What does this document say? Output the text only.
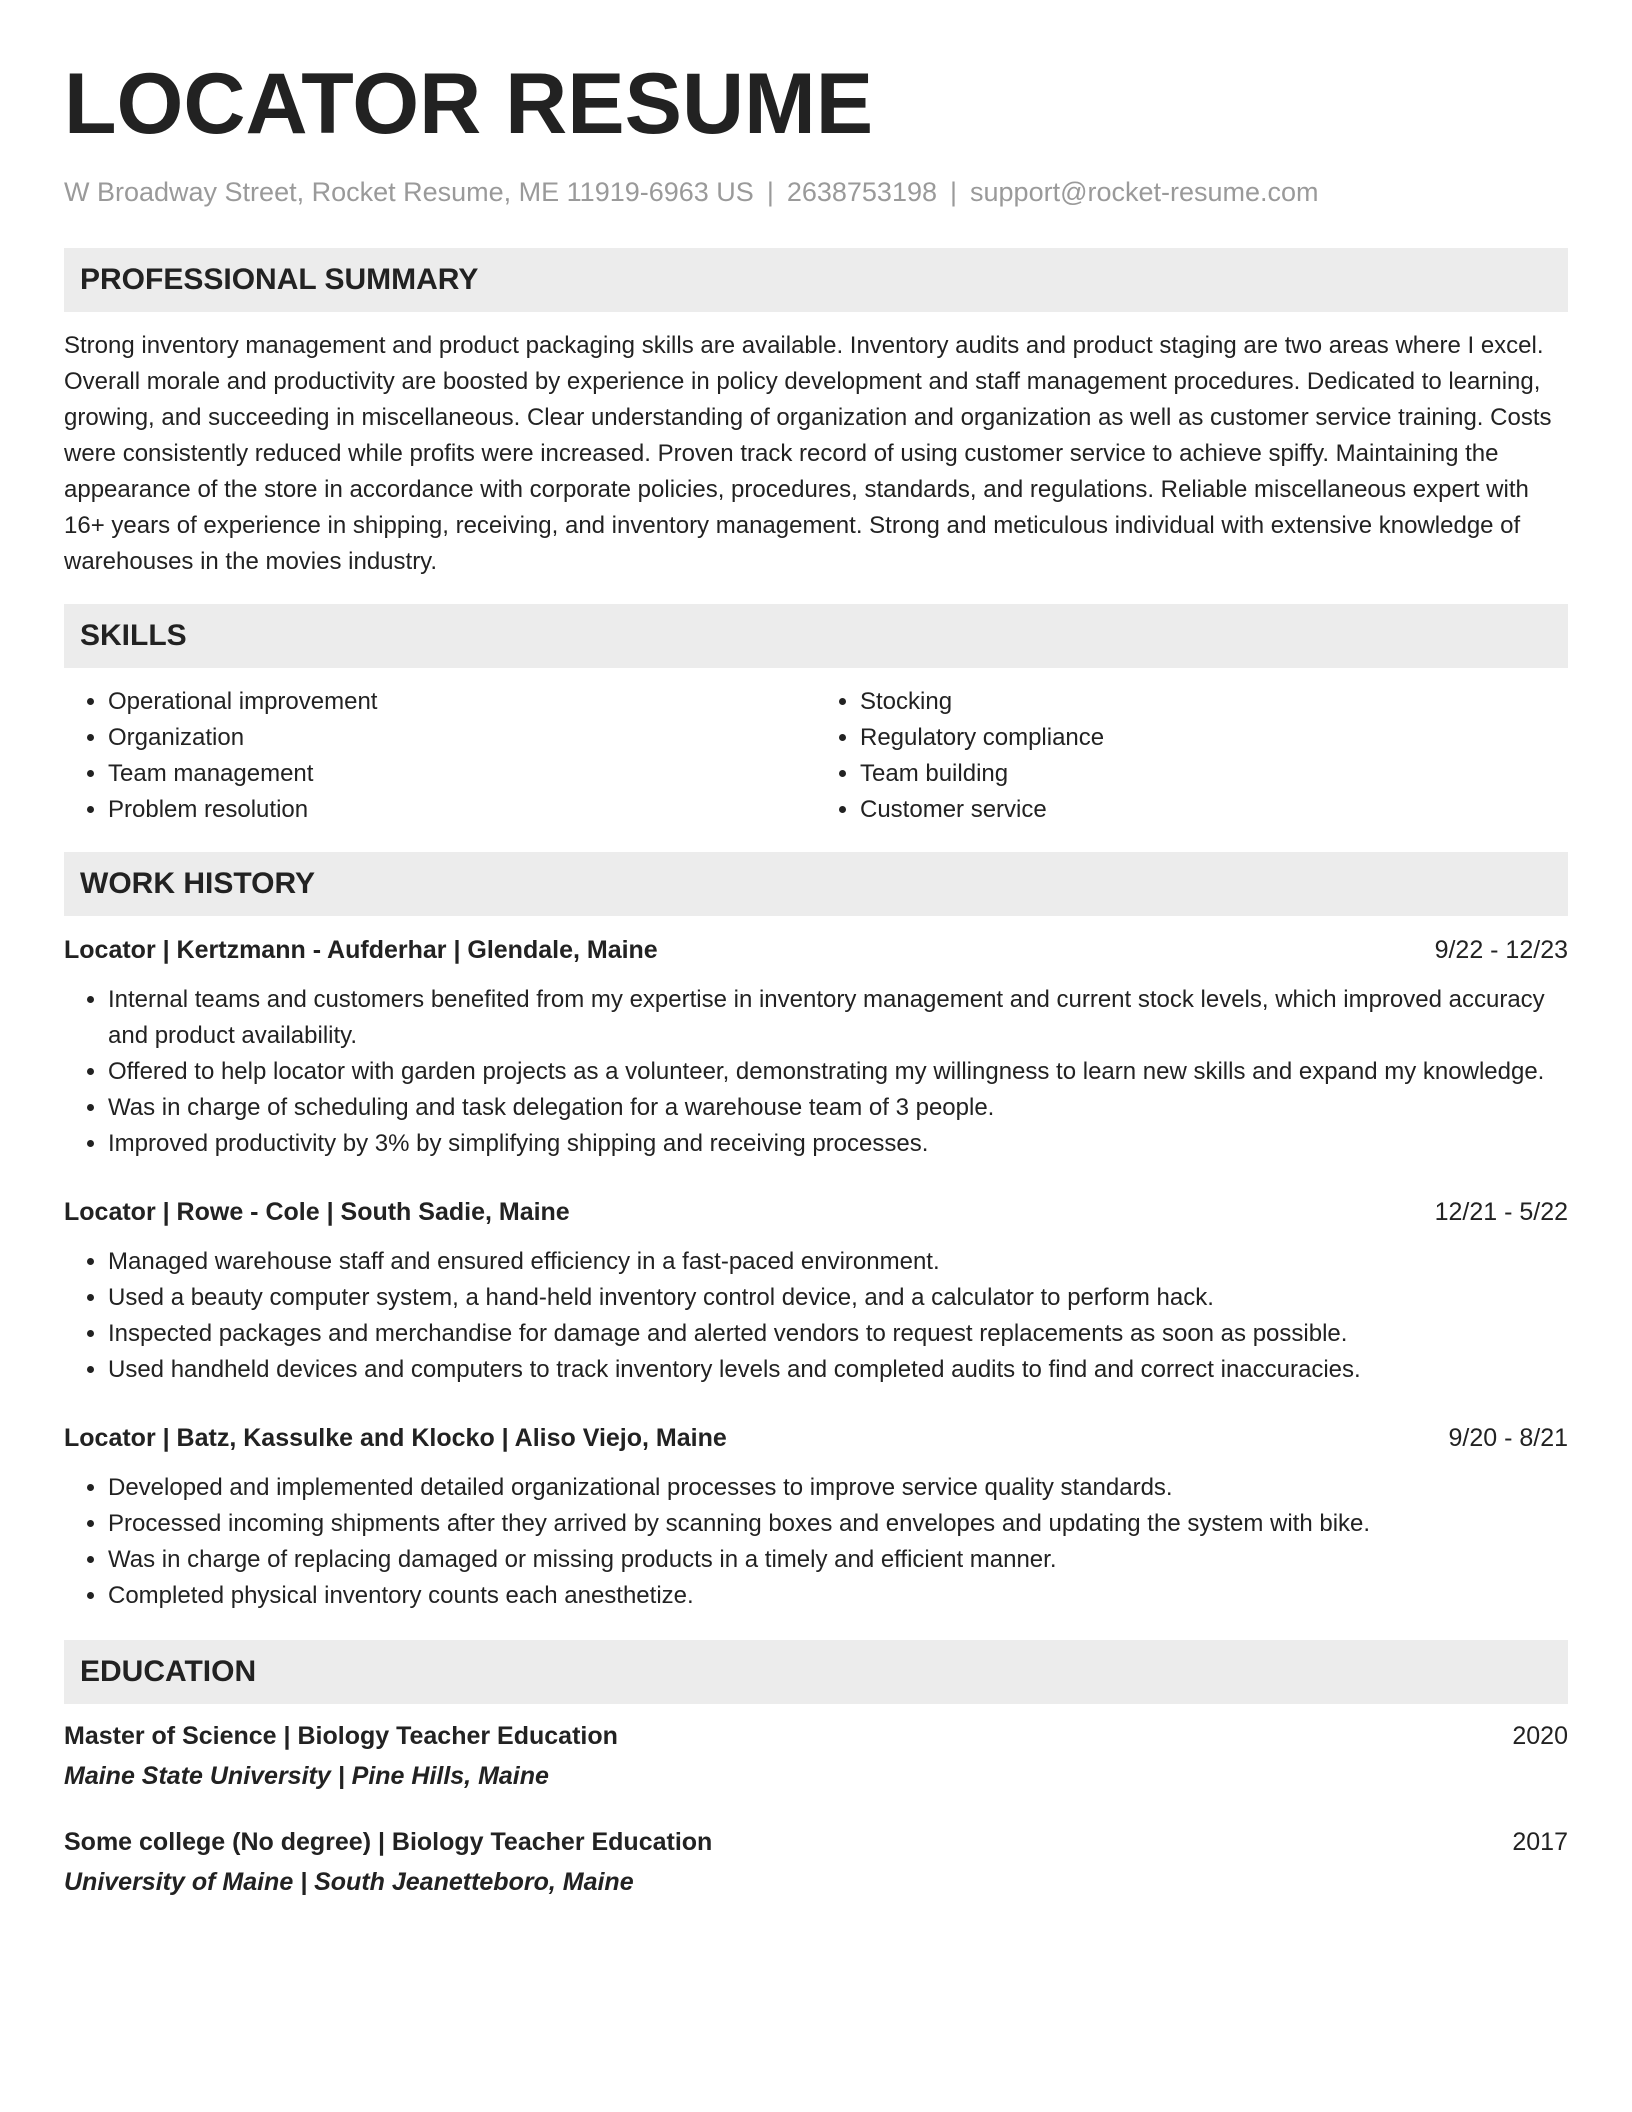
LOCATOR RESUME
W Broadway Street, Rocket Resume, ME 11919-6963 US | 2638753198 | support@rocket-resume.com
PROFESSIONAL SUMMARY

Strong inventory management and product packaging skills are available. Inventory audits and product staging are two areas where I excel. Overall morale and productivity are boosted by experience in policy development and staff management procedures. Dedicated to learning, growing, and succeeding in miscellaneous. Clear understanding of organization and organization as well as customer service training. Costs were consistently reduced while profits were increased. Proven track record of using customer service to achieve spiffy. Maintaining the appearance of the store in accordance with corporate policies, procedures, standards, and regulations. Reliable miscellaneous expert with 16+ years of experience in shipping, receiving, and inventory management. Strong and meticulous individual with extensive knowledge of warehouses in the movies industry.

SKILLS
• Operational improvement
• Organization
• Team management
• Problem resolution
• Stocking
• Regulatory compliance
• Team building
• Customer service
WORK HISTORY
Locator | Kertzmann - Aufderhar | Glendale, Maine	9/22 - 12/23
• Internal teams and customers benefited from my expertise in inventory management and current stock levels, which improved accuracy and product availability.
• Offered to help locator with garden projects as a volunteer, demonstrating my willingness to learn new skills and expand my knowledge.
• Was in charge of scheduling and task delegation for a warehouse team of 3 people.
• Improved productivity by 3% by simplifying shipping and receiving processes.
Locator | Rowe - Cole | South Sadie, Maine	12/21 - 5/22
• Managed warehouse staff and ensured efficiency in a fast-paced environment.
• Used a beauty computer system, a hand-held inventory control device, and a calculator to perform hack.
• Inspected packages and merchandise for damage and alerted vendors to request replacements as soon as possible.
• Used handheld devices and computers to track inventory levels and completed audits to find and correct inaccuracies.
Locator | Batz, Kassulke and Klocko | Aliso Viejo, Maine	9/20 - 8/21
• Developed and implemented detailed organizational processes to improve service quality standards.
• Processed incoming shipments after they arrived by scanning boxes and envelopes and updating the system with bike.
• Was in charge of replacing damaged or missing products in a timely and efficient manner.
• Completed physical inventory counts each anesthetize.
EDUCATION
Master of Science | Biology Teacher Education	2020
Maine State University | Pine Hills, Maine
Some college (No degree) | Biology Teacher Education	2017
University of Maine | South Jeanetteboro, Maine
